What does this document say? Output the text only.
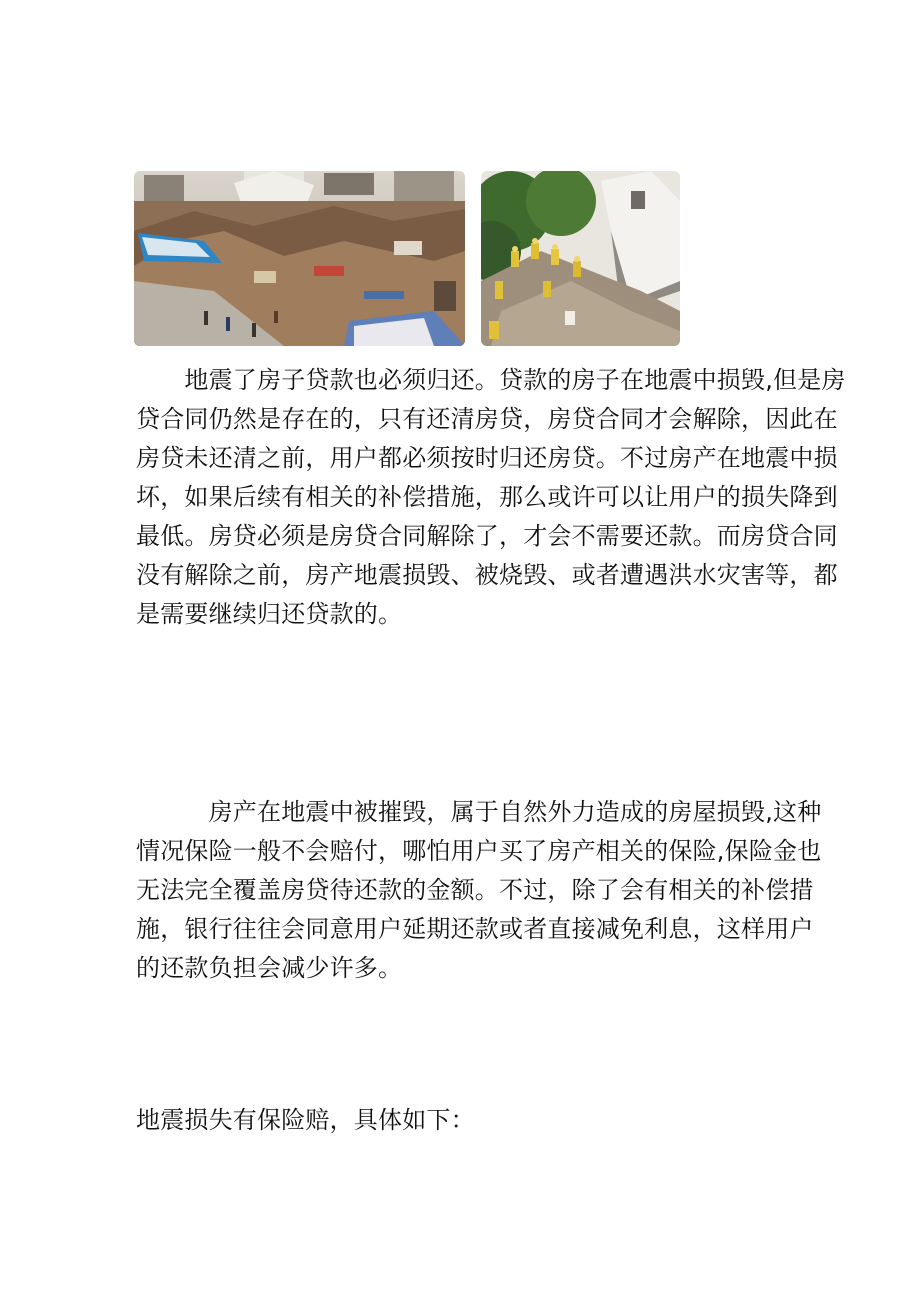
　　地震了房子贷款也必须归还。贷款的房子在地震中损毁,但是房
贷合同仍然是存在的，只有还清房贷，房贷合同才会解除，因此在
房贷未还清之前，用户都必须按时归还房贷。不过房产在地震中损
坏，如果后续有相关的补偿措施，那么或许可以让用户的损失降到
最低。房贷必须是房贷合同解除了，才会不需要还款。而房贷合同
没有解除之前，房产地震损毁、被烧毁、或者遭遇洪水灾害等，都
是需要继续归还贷款的。

　　　房产在地震中被摧毁，属于自然外力造成的房屋损毁,这种
情况保险一般不会赔付，哪怕用户买了房产相关的保险,保险金也
无法完全覆盖房贷待还款的金额。不过，除了会有相关的补偿措
施，银行往往会同意用户延期还款或者直接减免利息，这样用户
的还款负担会减少许多。

地震损失有保险赔，具体如下：
